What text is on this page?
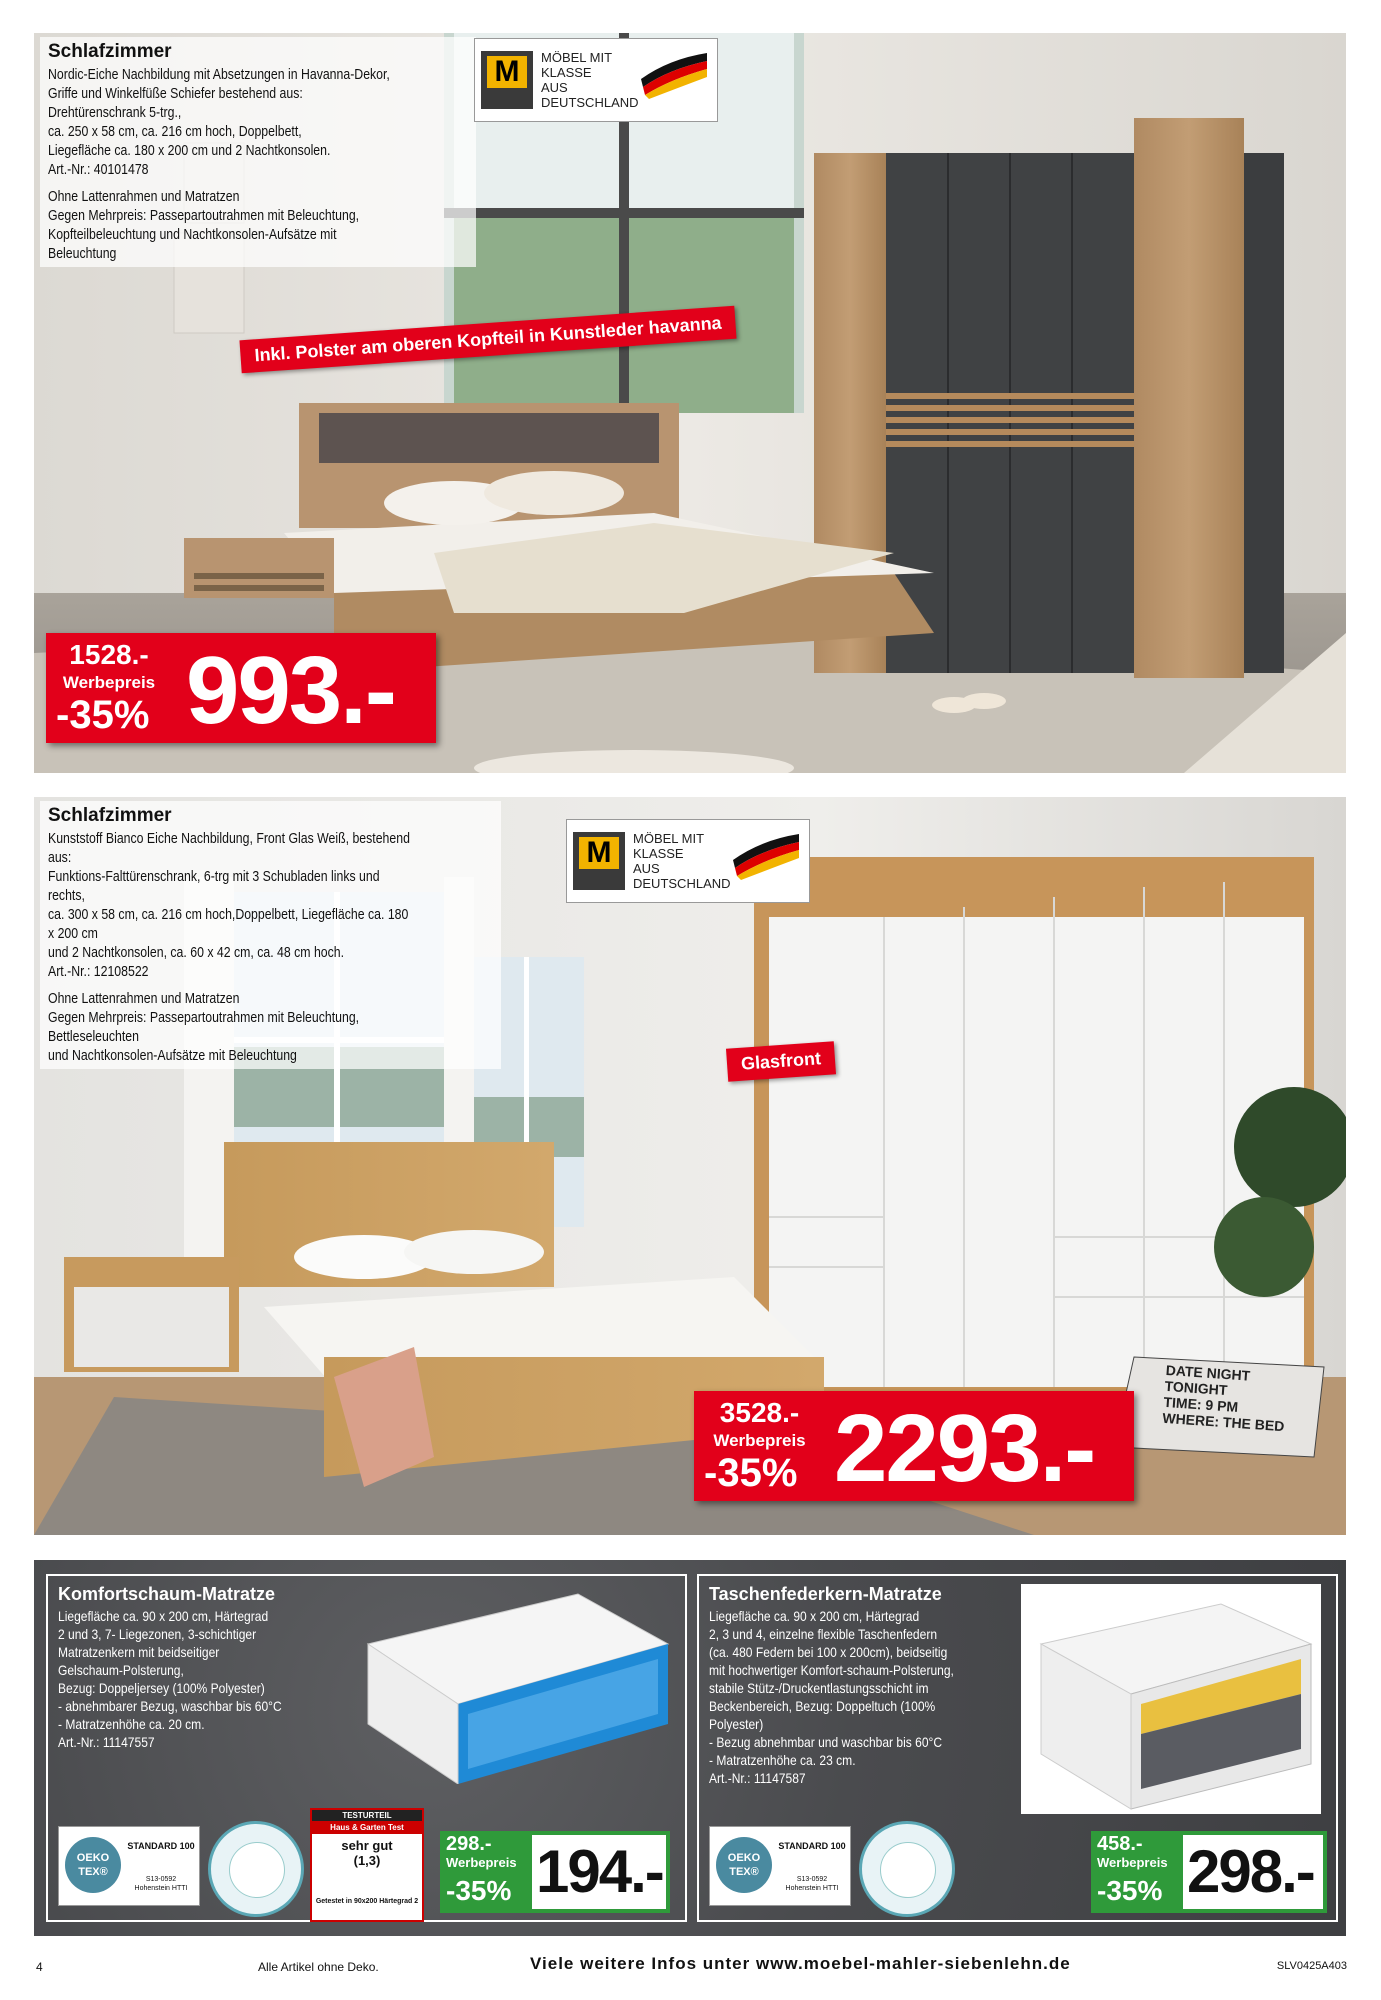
Schlafzimmer
Nordic-Eiche Nachbildung mit Absetzungen in Havanna-Dekor,
Griffe und Winkelfüße Schiefer bestehend aus: Drehtürenschrank 5-trg.,
ca. 250 x 58 cm, ca. 216 cm hoch, Doppelbett,
Liegefläche ca. 180 x 200 cm und 2 Nachtkonsolen.
Art.-Nr.: 40101478
Ohne Lattenrahmen und Matratzen
Gegen Mehrpreis: Passepartoutrahmen mit Beleuchtung,
Kopfteilbeleuchtung und Nachtkonsolen-Aufsätze mit Beleuchtung
M	MÖBEL MIT
KLASSE
AUS
DEUTSCHLAND
Inkl. Polster am oberen Kopfteil in Kunstleder havanna
1528.-
Werbepreis
-35% 993.-
Schlafzimmer
Kunststoff Bianco Eiche Nachbildung, Front Glas Weiß, bestehend aus:
Funktions-Falttürenschrank, 6-trg mit 3 Schubladen links und rechts,
ca. 300 x 58 cm, ca. 216 cm hoch,Doppelbett, Liegefläche ca. 180 x 200 cm
und 2 Nachtkonsolen, ca. 60 x 42 cm, ca. 48 cm hoch.
Art.-Nr.: 12108522
Ohne Lattenrahmen und Matratzen
Gegen Mehrpreis: Passepartoutrahmen mit Beleuchtung, Bettleseleuchten
und Nachtkonsolen-Aufsätze mit Beleuchtung
M	MÖBEL MIT
KLASSE
AUS
DEUTSCHLAND
Glasfront
DATE NIGHT
TONIGHT
TIME: 9 PM
WHERE: THE BED
3528.-
Werbepreis
-35% 2293.-
Komfortschaum-Matratze
Liegefläche ca. 90 x 200 cm, Härtegrad
2 und 3, 7- Liegezonen, 3-schichtiger
Matratzenkern mit beidseitiger
Gelschaum-Polsterung,
Bezug: Doppeljersey (100% Polyester)
- abnehmbarer Bezug, waschbar bis 60°C
- Matratzenhöhe ca. 20 cm.
Art.-Nr.: 11147557
OEKO TEX®
STANDARD 100
S13-0592
Hohenstein HTTI
TESTURTEIL
Haus & Garten Test
sehr gut
(1,3)
Getestet in 90x200 Härtegrad 2
298.-
Werbepreis
-35% 194.-
Taschenfederkern-Matratze
Liegefläche ca. 90 x 200 cm, Härtegrad
2, 3 und 4, einzelne flexible Taschenfedern
(ca. 480 Federn bei 100 x 200cm), beidseitig
mit hochwertiger Komfort-schaum-Polsterung,
stabile Stütz-/Druckentlastungsschicht im
Beckenbereich, Bezug: Doppeltuch (100% Polyester)
- Bezug abnehmbar und waschbar bis 60°C
- Matratzenhöhe ca. 23 cm.
Art.-Nr.: 11147587
OEKO TEX®
STANDARD 100
S13-0592
Hohenstein HTTI
458.-
Werbepreis
-35% 298.-
4	Alle Artikel ohne Deko.	Viele weitere Infos unter www.moebel-mahler-siebenlehn.de	SLV0425A403
